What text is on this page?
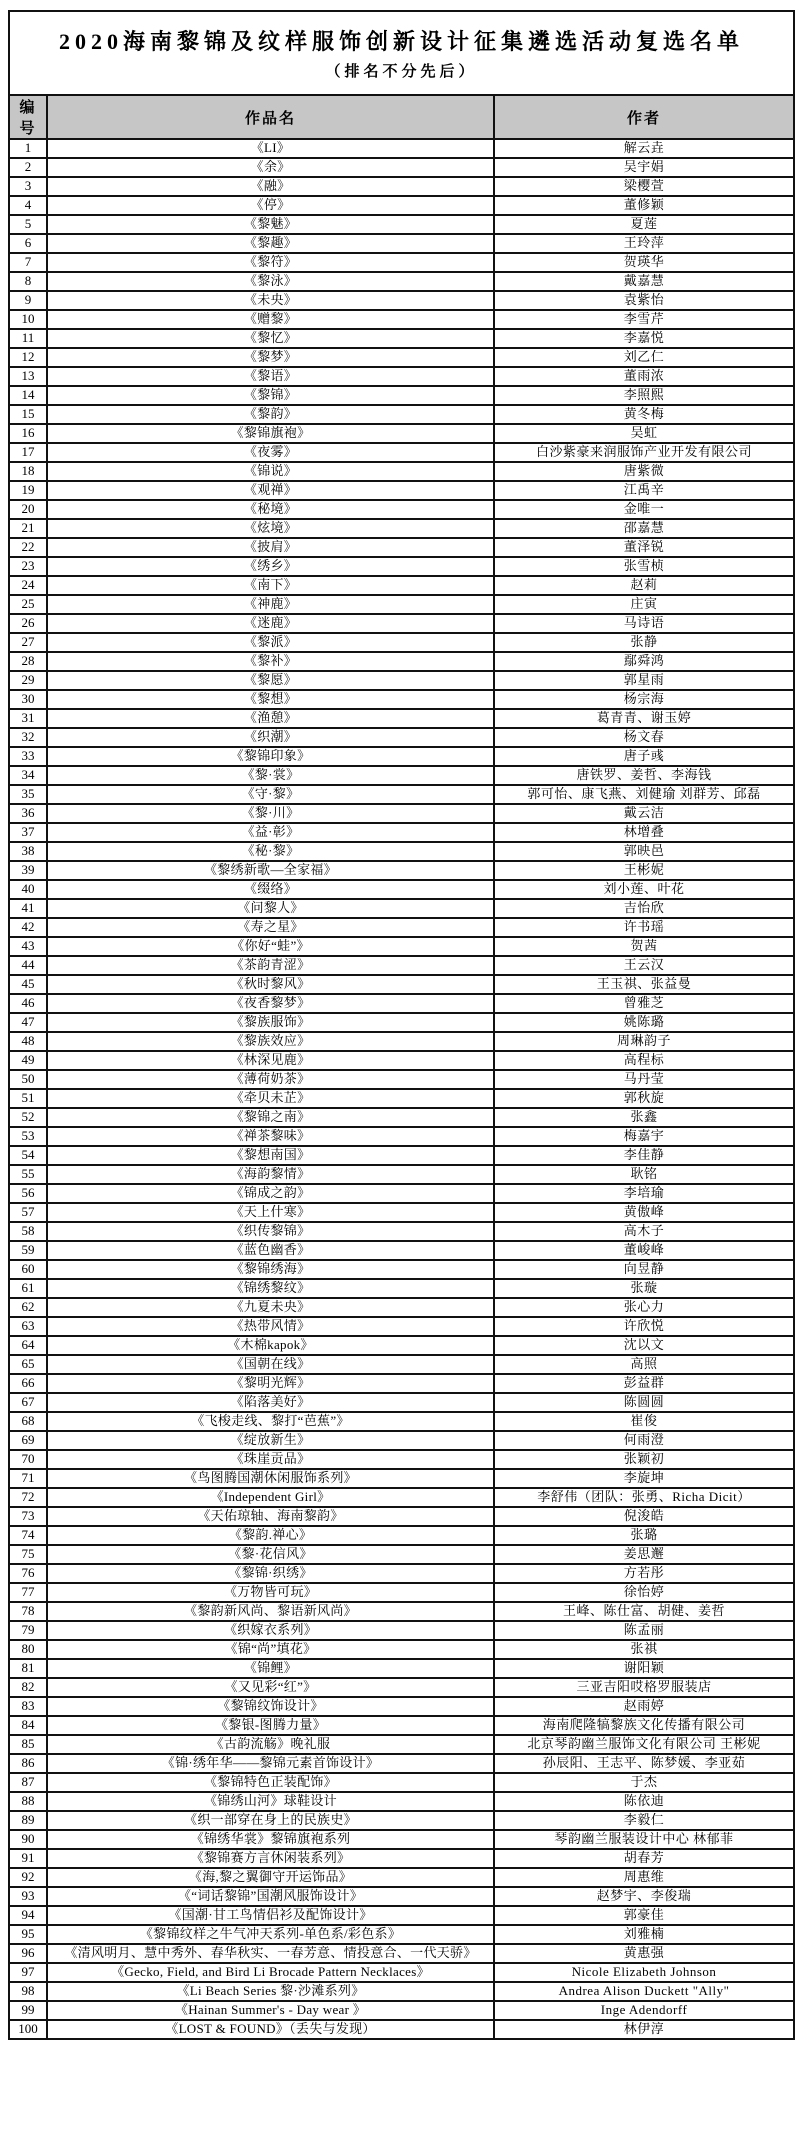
2020海南黎锦及纹样服饰创新设计征集遴选活动复选名单
（排名不分先后）		

编号	作品名	作者
1	《LI》	解云垚
2	《余》	吴宇娟
3	《融》	梁樱萱
4	《停》	董修颖
5	《黎魅》	夏莲
6	《黎趣》	王玲萍
7	《黎符》	贺瑛华
8	《黎泳》	戴嘉慧
9	《未央》	袁紫怡
10	《赠黎》	李雪芹
11	《黎忆》	李嘉悦
12	《黎梦》	刘乙仁
13	《黎语》	董雨浓
14	《黎锦》	李照熙
15	《黎韵》	黄冬梅
16	《黎锦旗袍》	吴虹
17	《夜雾》	白沙紫豪来润服饰产业开发有限公司
18	《锦说》	唐紫微
19	《观禅》	江禹辛
20	《秘境》	金唯一
21	《炫境》	邵嘉慧
22	《披肩》	董泽锐
23	《绣乡》	张雪桢
24	《南下》	赵莉
25	《神鹿》	庄寅
26	《迷鹿》	马诗语
27	《黎派》	张静
28	《黎补》	鄢舜鸿
29	《黎愿》	郭星雨
30	《黎想》	杨宗海
31	《渔憩》	葛青青、谢玉婷
32	《织潮》	杨文春
33	《黎锦印象》	唐子彧
34	《黎·裳》	唐铁罗、姜哲、李海钱
35	《守·黎》	郭可怡、康飞燕、刘健瑜 刘群芳、邱磊
36	《黎·川》	戴云洁
37	《益·彰》	林增叠
38	《秘·黎》	郭映邑
39	《黎绣新歌—全家福》	王彬妮
40	《缀络》	刘小莲、叶花
41	《问黎人》	吉怡欣
42	《寿之星》	许书瑶
43	《你好“蛙”》	贺茜
44	《茶韵青涩》	王云汉
45	《秋时黎风》	王玉祺、张益曼
46	《夜香黎梦》	曾雅芝
47	《黎族服饰》	姚陈璐
48	《黎族效应》	周琳韵子
49	《林深见鹿》	高程标
50	《薄荷奶茶》	马丹莹
51	《牵贝未芷》	郭秋旋
52	《黎锦之南》	张鑫
53	《禅茶黎味》	梅嘉宇
54	《黎想南国》	李佳静
55	《海韵黎情》	耿铭
56	《锦成之韵》	李培瑜
57	《天上什寒》	黄傲峰
58	《织传黎锦》	高木子
59	《蓝色幽香》	董峻峰
60	《黎锦绣海》	向昱静
61	《锦绣黎纹》	张璇
62	《九夏未央》	张心力
63	《热带风情》	许欣悦
64	《木棉kapok》	沈以文
65	《国朝在线》	高照
66	《黎明光辉》	彭益群
67	《陷落美好》	陈圆圆
68	《飞梭走线、黎打“芭蕉”》	崔俊
69	《绽放新生》	何雨澄
70	《珠崖贡品》	张颖初
71	《鸟图腾国潮休闲服饰系列》	李旋坤
72	《Independent Girl》	李舒伟（团队：张勇、Richa Dicit）
73	《天佑琼轴、海南黎韵》	倪浚皓
74	《黎韵.禅心》	张璐
75	《黎·花信风》	姜思邂
76	《黎锦·织绣》	方若彤
77	《万物皆可玩》	徐怡婷
78	《黎韵新风尚、黎语新风尚》	王峰、陈仕富、胡健、姜哲
79	《织嫁衣系列》	陈孟丽
80	《锦“尚”填花》	张祺
81	《锦鲤》	谢阳颖
82	《又见彩“红”》	三亚吉阳哎格罗服装店
83	《黎锦纹饰设计》	赵雨婷
84	《黎银-图腾力量》	海南爬隆犒黎族文化传播有限公司
85	《古韵流觞》晚礼服	北京琴韵幽兰服饰文化有限公司 王彬妮
86	《锦·绣年华——黎锦元素首饰设计》	孙辰阳、王志平、陈梦媛、李亚茹
87	《黎锦特色正装配饰》	于杰
88	《锦绣山河》球鞋设计	陈依迪
89	《织一部穿在身上的民族史》	李毅仁
90	《锦绣华裳》黎锦旗袍系列	琴韵幽兰服装设计中心 林郁菲
91	《黎锦赛方言休闲装系列》	胡春芳
92	《海,黎之翼御守开运饰品》	周惠维
93	《“词话黎锦”国潮风服饰设计》	赵梦宇、李俊瑞
94	《国潮·甘工鸟情侣衫及配饰设计》	郭豪佳
95	《黎锦纹样之牛气冲天系列-单色系/彩色系》	刘雅楠
96	《清风明月、慧中秀外、春华秋实、一春芳意、情投意合、一代天骄》	黄惠强
97	《Gecko, Field, and Bird Li Brocade Pattern Necklaces》	Nicole Elizabeth Johnson
98	《Li Beach Series 黎·沙滩系列》	Andrea Alison Duckett "Ally"
99	《Hainan Summer's - Day wear 》	Inge Adendorff
100	《LOST & FOUND》（丢失与发现）	林伊淳
